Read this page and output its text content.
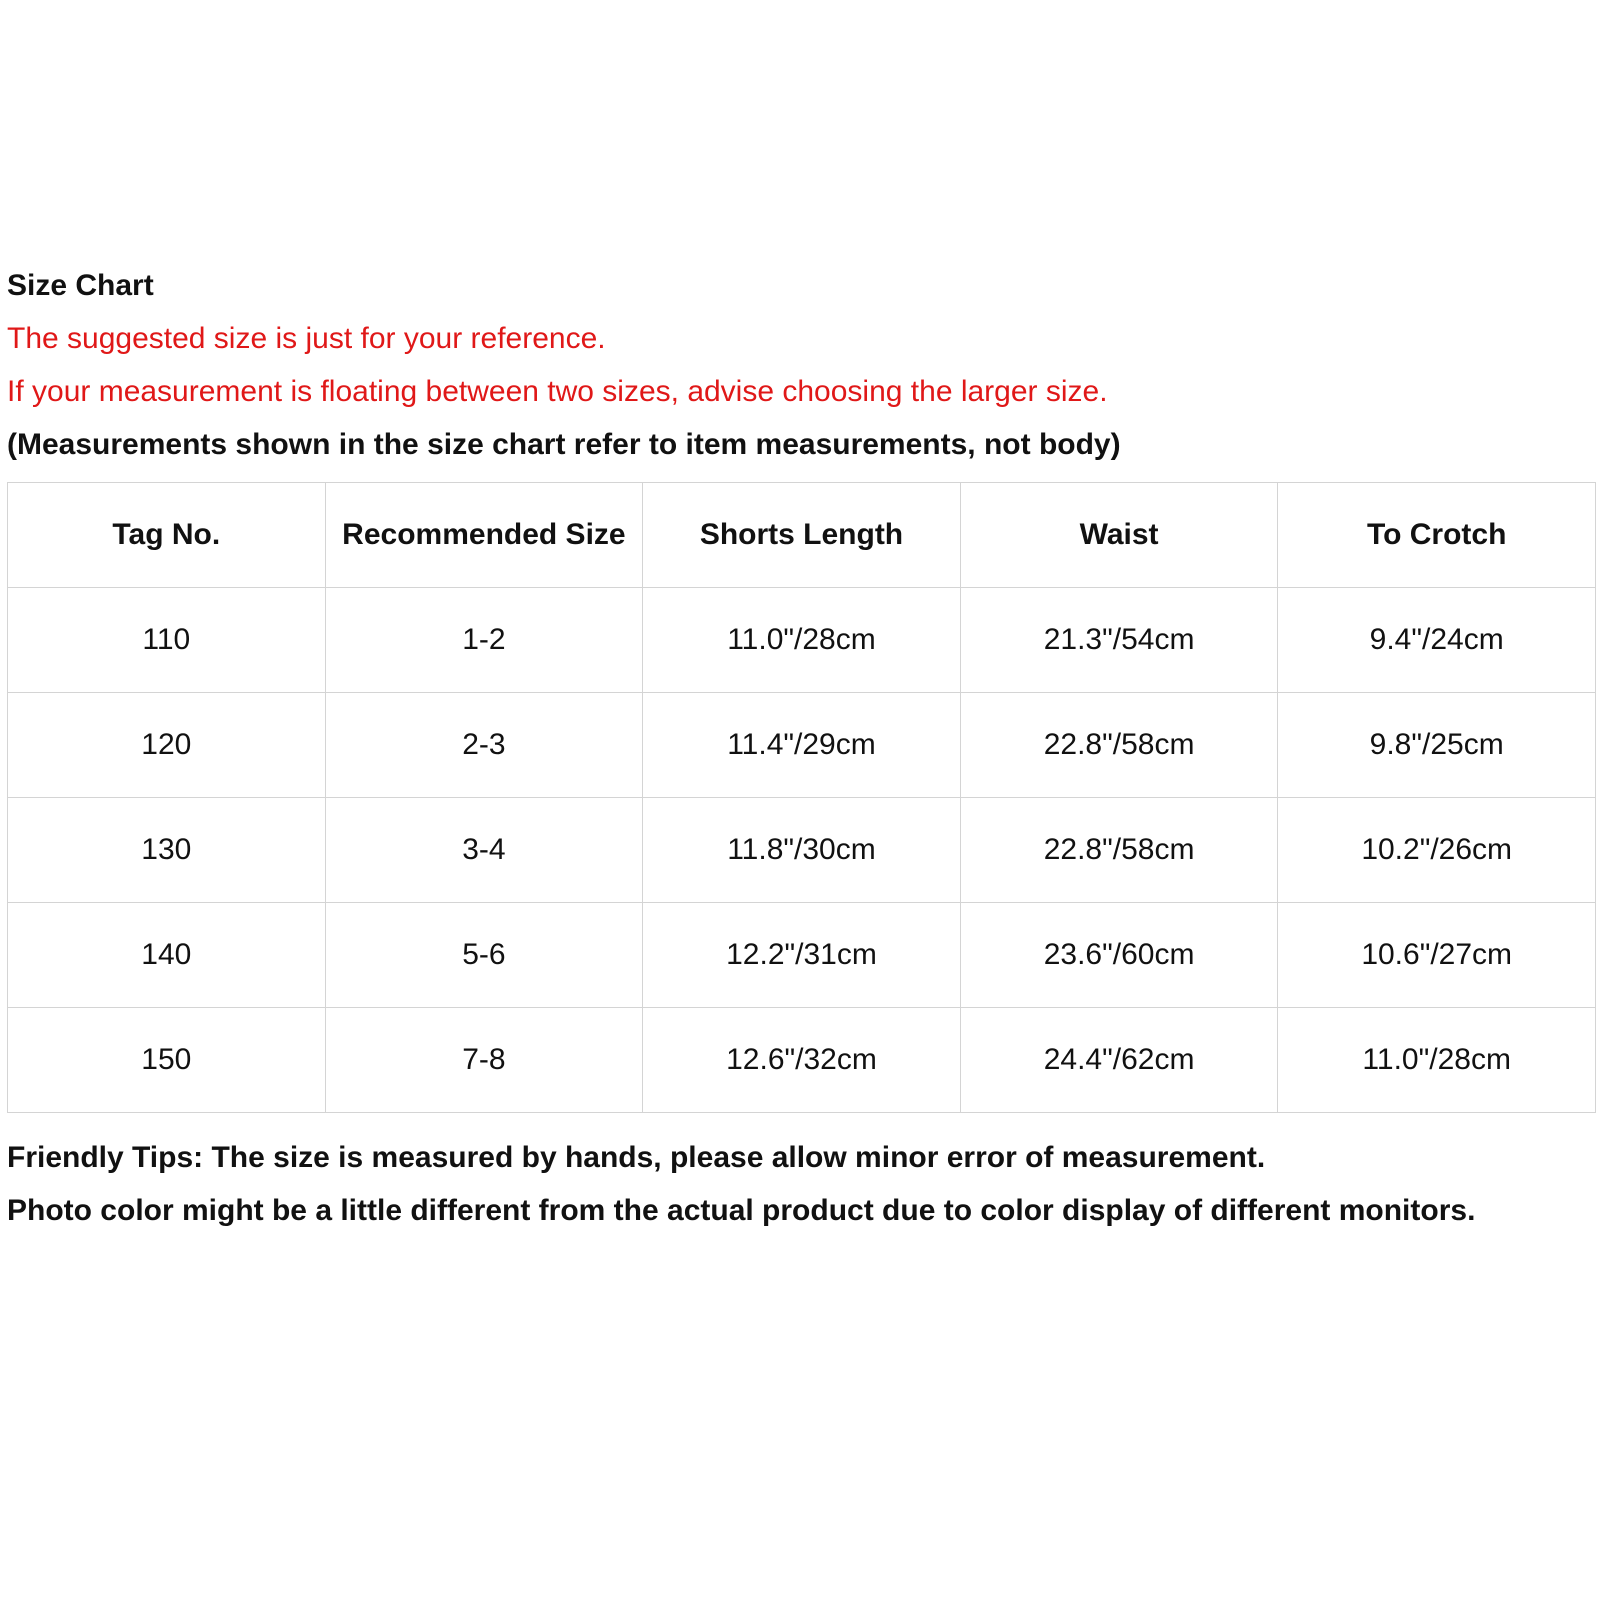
Size Chart
The suggested size is just for your reference.
If your measurement is floating between two sizes, advise choosing the larger size.
(Measurements shown in the size chart refer to item measurements, not body)
Tag No.	Recommended Size	Shorts Length	Waist	To Crotch
110	1-2	11.0"/28cm	21.3"/54cm	9.4"/24cm
120	2-3	11.4"/29cm	22.8"/58cm	9.8"/25cm
130	3-4	11.8"/30cm	22.8"/58cm	10.2"/26cm
140	5-6	12.2"/31cm	23.6"/60cm	10.6"/27cm
150	7-8	12.6"/32cm	24.4"/62cm	11.0"/28cm
Friendly Tips: The size is measured by hands, please allow minor error of measurement.
Photo color might be a little different from the actual product due to color display of different monitors.
